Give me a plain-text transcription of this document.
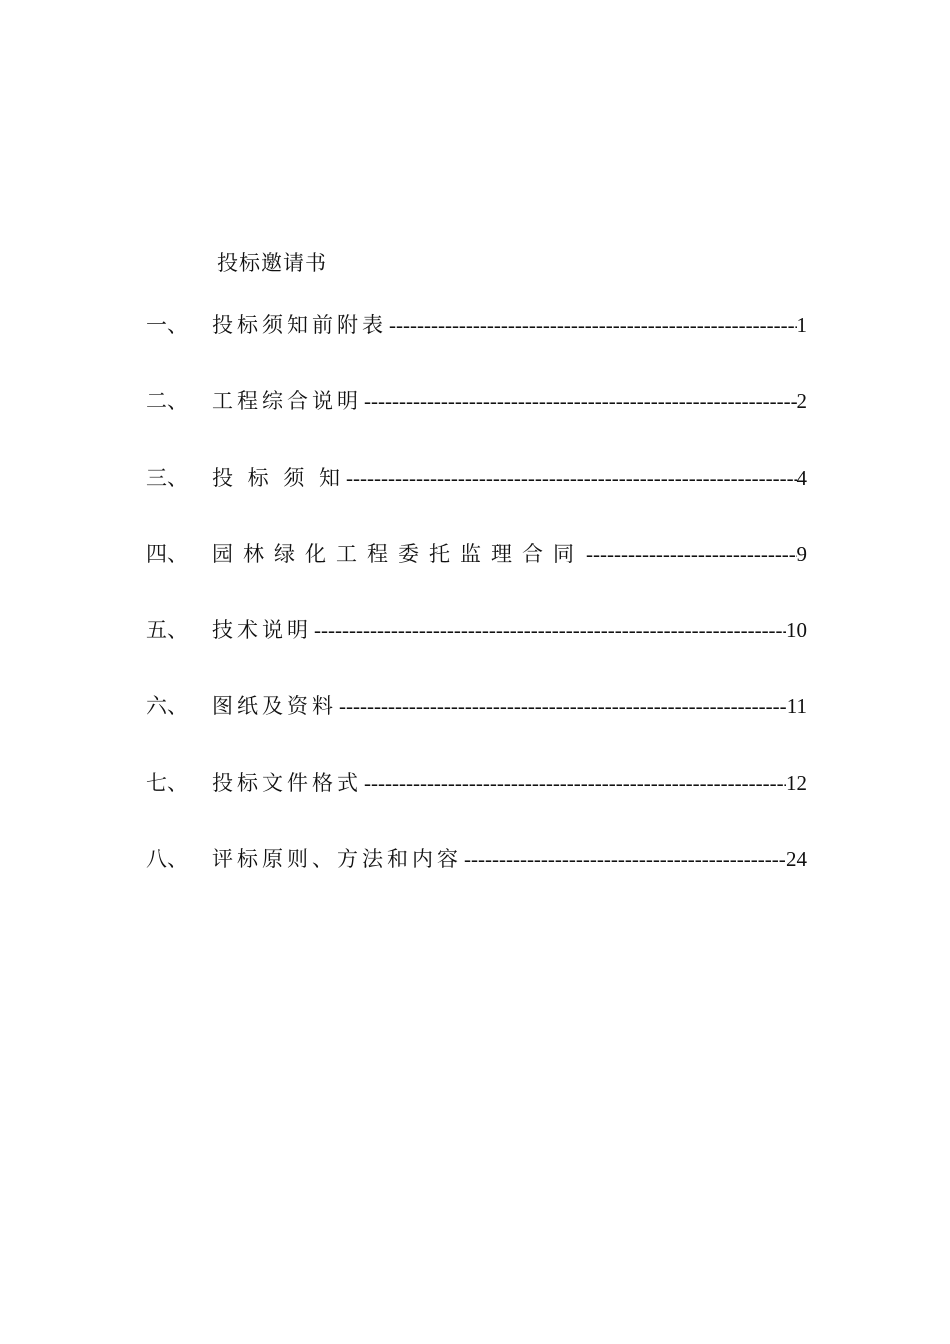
投标邀请书
一、	投标须知前附表 -----	1
二、	工程综合说明 -----	2
三、	投 标 须 知 -----	4
四、	园林绿化工程委托监理合同 -----	9
五、	技术说明 -----	10
六、	图纸及资料 -----	11
七、	投标文件格式 -----	12
八、	评标原则、方法和内容 -----	24
